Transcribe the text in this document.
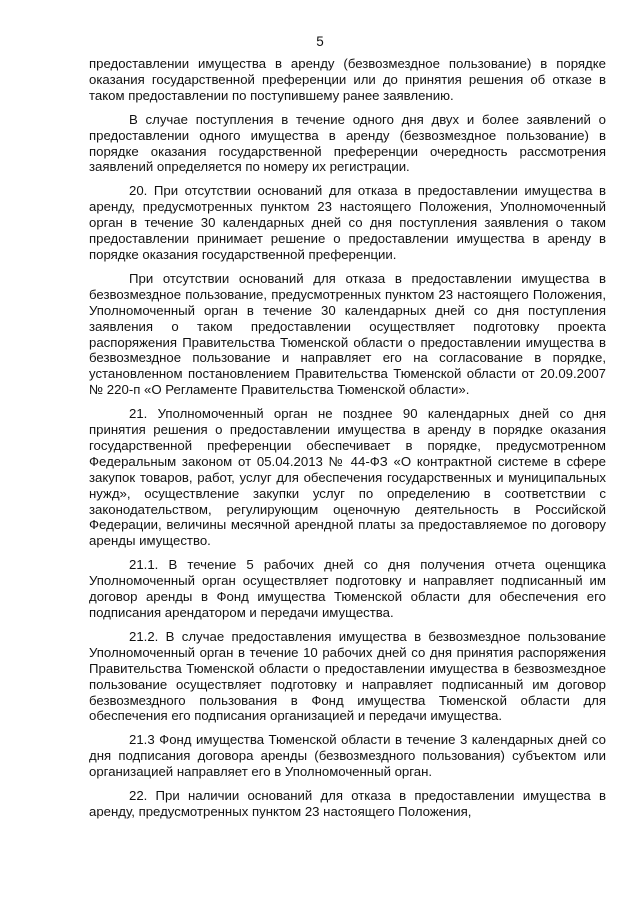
5

предоставлении имущества в аренду (безвозмездное пользование) в порядке оказания государственной преференции или до принятия решения об отказе в таком предоставлении по поступившему ранее заявлению.

В случае поступления в течение одного дня двух и более заявлений о предоставлении одного имущества в аренду (безвозмездное пользование) в порядке оказания государственной преференции очередность рассмотрения заявлений определяется по номеру их регистрации.

20. При отсутствии оснований для отказа в предоставлении имущества в аренду, предусмотренных пунктом 23 настоящего Положения, Уполномоченный орган в течение 30 календарных дней со дня поступления заявления о таком предоставлении принимает решение о предоставлении имущества в аренду в порядке оказания государственной преференции.

При отсутствии оснований для отказа в предоставлении имущества в безвозмездное пользование, предусмотренных пунктом 23 настоящего Положения, Уполномоченный орган в течение 30 календарных дней со дня поступления заявления о таком предоставлении осуществляет подготовку проекта распоряжения Правительства Тюменской области о предоставлении имущества в безвозмездное пользование и направляет его на согласование в порядке, установленном постановлением Правительства Тюменской области от 20.09.2007 № 220-п «О Регламенте Правительства Тюменской области».

21. Уполномоченный орган не позднее 90 календарных дней со дня принятия решения о предоставлении имущества в аренду в порядке оказания государственной преференции обеспечивает в порядке, предусмотренном Федеральным законом от 05.04.2013 № 44-ФЗ «О контрактной системе в сфере закупок товаров, работ, услуг для обеспечения государственных и муниципальных нужд», осуществление закупки услуг по определению в соответствии с законодательством, регулирующим оценочную деятельность в Российской Федерации, величины месячной арендной платы за предоставляемое по договору аренды имущество.

21.1. В течение 5 рабочих дней со дня получения отчета оценщика Уполномоченный орган осуществляет подготовку и направляет подписанный им договор аренды в Фонд имущества Тюменской области для обеспечения его подписания арендатором и передачи имущества.

21.2. В случае предоставления имущества в безвозмездное пользование Уполномоченный орган в течение 10 рабочих дней со дня принятия распоряжения Правительства Тюменской области о предоставлении имущества в безвозмездное пользование осуществляет подготовку и направляет подписанный им договор безвозмездного пользования в Фонд имущества Тюменской области для обеспечения его подписания организацией и передачи имущества.

21.3 Фонд имущества Тюменской области в течение 3 календарных дней со дня подписания договора аренды (безвозмездного пользования) субъектом или организацией направляет его в Уполномоченный орган.

22. При наличии оснований для отказа в предоставлении имущества в аренду, предусмотренных пунктом 23 настоящего Положения,
